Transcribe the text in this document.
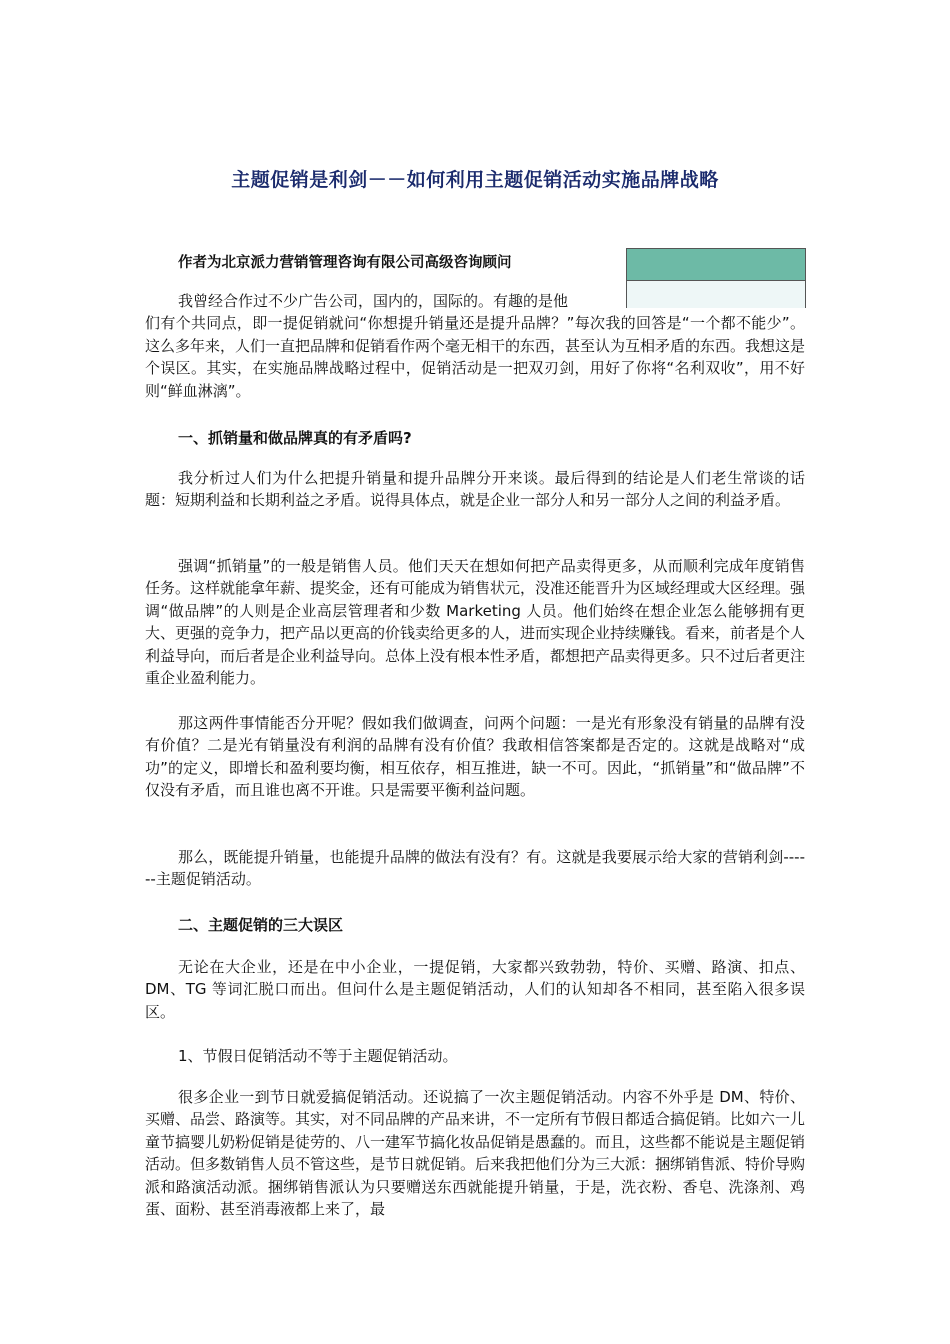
主题促销是利剑－－如何利用主题促销活动实施品牌战略
作者为北京派力营销管理咨询有限公司高级咨询顾问

我曾经合作过不少广告公司，国内的，国际的。有趣的是他

们有个共同点，即一提促销就问“你想提升销量还是提升品牌？”每次我的回答是“一个都不能少”。这么多年来，人们一直把品牌和促销看作两个毫无相干的东西，甚至认为互相矛盾的东西。我想这是个误区。其实，在实施品牌战略过程中，促销活动是一把双刃剑，用好了你将“名利双收”，用不好则“鲜血淋漓”。

一、抓销量和做品牌真的有矛盾吗?

我分析过人们为什么把提升销量和提升品牌分开来谈。最后得到的结论是人们老生常谈的话题：短期利益和长期利益之矛盾。说得具体点，就是企业一部分人和另一部分人之间的利益矛盾。

强调“抓销量”的一般是销售人员。他们天天在想如何把产品卖得更多，从而顺利完成年度销售任务。这样就能拿年薪、提奖金，还有可能成为销售状元，没准还能晋升为区域经理或大区经理。强调“做品牌”的人则是企业高层管理者和少数 Marketing 人员。他们始终在想企业怎么能够拥有更大、更强的竞争力，把产品以更高的价钱卖给更多的人，进而实现企业持续赚钱。看来，前者是个人利益导向，而后者是企业利益导向。总体上没有根本性矛盾，都想把产品卖得更多。只不过后者更注重企业盈利能力。

那这两件事情能否分开呢？假如我们做调查，问两个问题：一是光有形象没有销量的品牌有没有价值？二是光有销量没有利润的品牌有没有价值？我敢相信答案都是否定的。这就是战略对“成功”的定义，即增长和盈利要均衡，相互依存，相互推进，缺一不可。因此，“抓销量”和“做品牌”不仅没有矛盾，而且谁也离不开谁。只是需要平衡利益问题。

那么，既能提升销量，也能提升品牌的做法有没有？有。这就是我要展示给大家的营销利剑------主题促销活动。

二、主题促销的三大误区

无论在大企业，还是在中小企业，一提促销，大家都兴致勃勃，特价、买赠、路演、扣点、DM、TG 等词汇脱口而出。但问什么是主题促销活动，人们的认知却各不相同，甚至陷入很多误区。

1、节假日促销活动不等于主题促销活动。

很多企业一到节日就爱搞促销活动。还说搞了一次主题促销活动。内容不外乎是 DM、特价、买赠、品尝、路演等。其实，对不同品牌的产品来讲，不一定所有节假日都适合搞促销。比如六一儿童节搞婴儿奶粉促销是徒劳的、八一建军节搞化妆品促销是愚蠢的。而且，这些都不能说是主题促销活动。但多数销售人员不管这些，是节日就促销。后来我把他们分为三大派：捆绑销售派、特价导购派和路演活动派。捆绑销售派认为只要赠送东西就能提升销量，于是，洗衣粉、香皂、洗涤剂、鸡蛋、面粉、甚至消毒液都上来了，最
